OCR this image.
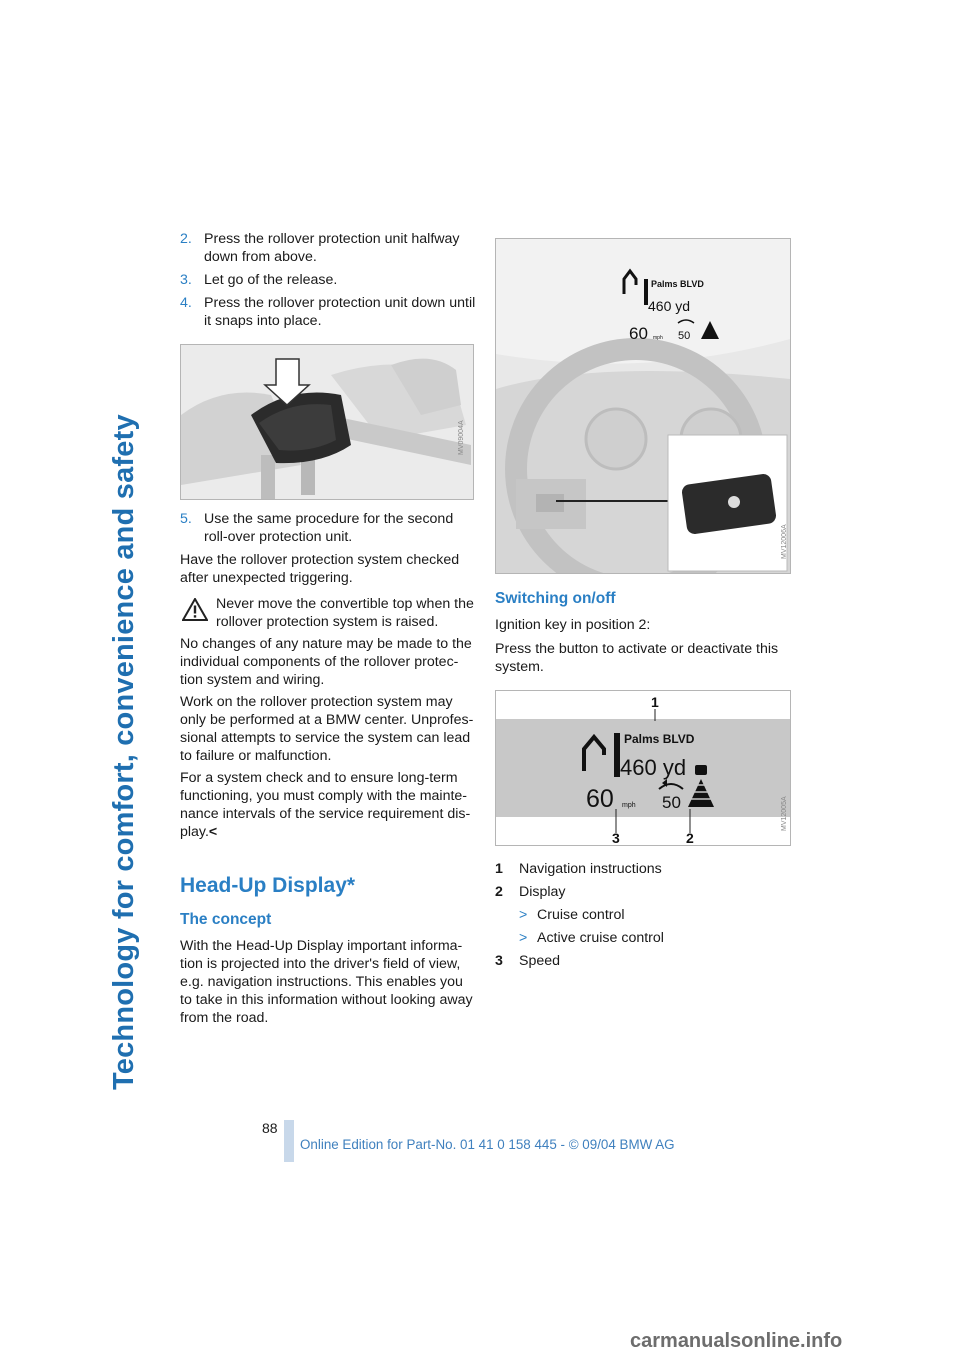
Technology for comfort, convenience and safety
2. Press the rollover protection unit halfway down from above.
3. Let go of the release.
4. Press the rollover protection unit down until it snaps into place.
MV09004A
5. Use the same procedure for the second roll-over protection unit.
Have the rollover protection system checked after unexpected triggering.
Never move the convertible top when the rollover protection system is raised.
No changes of any nature may be made to the individual components of the rollover protec-tion system and wiring.
Work on the rollover protection system may only be performed at a BMW center. Unprofes-sional attempts to service the system can lead to failure or malfunction.
For a system check and to ensure long-term functioning, you must comply with the mainte-nance intervals of the service requirement dis-play.<
Head-Up Display*
The concept
With the Head-Up Display important informa-tion is projected into the driver's field of view, e.g. navigation instructions. This enables you to take in this information without looking away from the road.
Palms BLVD
460 yd
60 mph 50
MV12006A
Switching on/off
Ignition key in position 2:
Press the button to activate or deactivate this system.
1
2
3
Palms BLVD
460 yd
60 mph 50	MV12005A
1	Navigation instructions
2	Display
> Cruise control
> Active cruise control
3	Speed
88
Online Edition for Part-No. 01 41 0 158 445 - © 09/04 BMW AG
carmanualsonline.info
